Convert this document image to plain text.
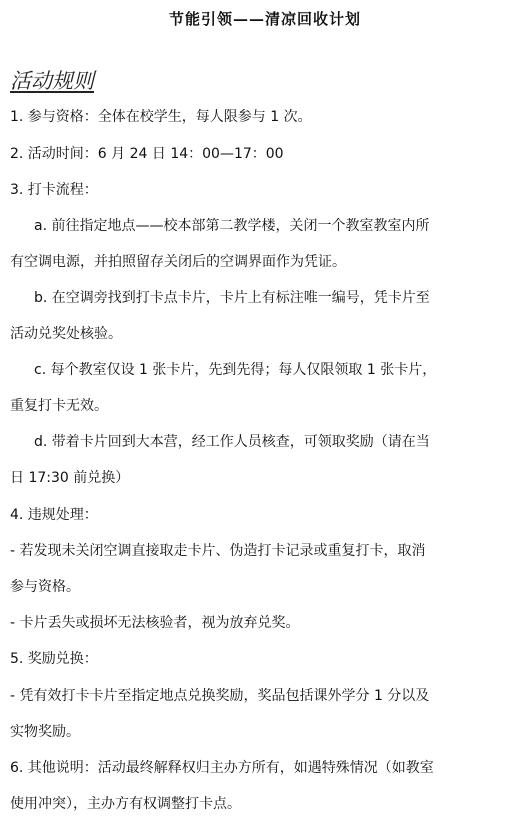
节能引领——清凉回收计划
活动规则
1. 参与资格：全体在校学生，每人限参与 1 次。
2. 活动时间：6 月 24 日 14：00—17：00
3. 打卡流程：
a. 前往指定地点——校本部第二教学楼，关闭一个教室教室内所
有空调电源，并拍照留存关闭后的空调界面作为凭证。
b. 在空调旁找到打卡点卡片，卡片上有标注唯一编号，凭卡片至
活动兑奖处核验。
c. 每个教室仅设 1 张卡片，先到先得；每人仅限领取 1 张卡片，
重复打卡无效。
d. 带着卡片回到大本营，经工作人员核查，可领取奖励（请在当
日 17:30 前兑换）
4. 违规处理：
- 若发现未关闭空调直接取走卡片、伪造打卡记录或重复打卡，取消
参与资格。
- 卡片丢失或损坏无法核验者，视为放弃兑奖。
5. 奖励兑换：
- 凭有效打卡卡片至指定地点兑换奖励，奖品包括课外学分 1 分以及
实物奖励。
6. 其他说明：活动最终解释权归主办方所有，如遇特殊情况（如教室
使用冲突），主办方有权调整打卡点。
